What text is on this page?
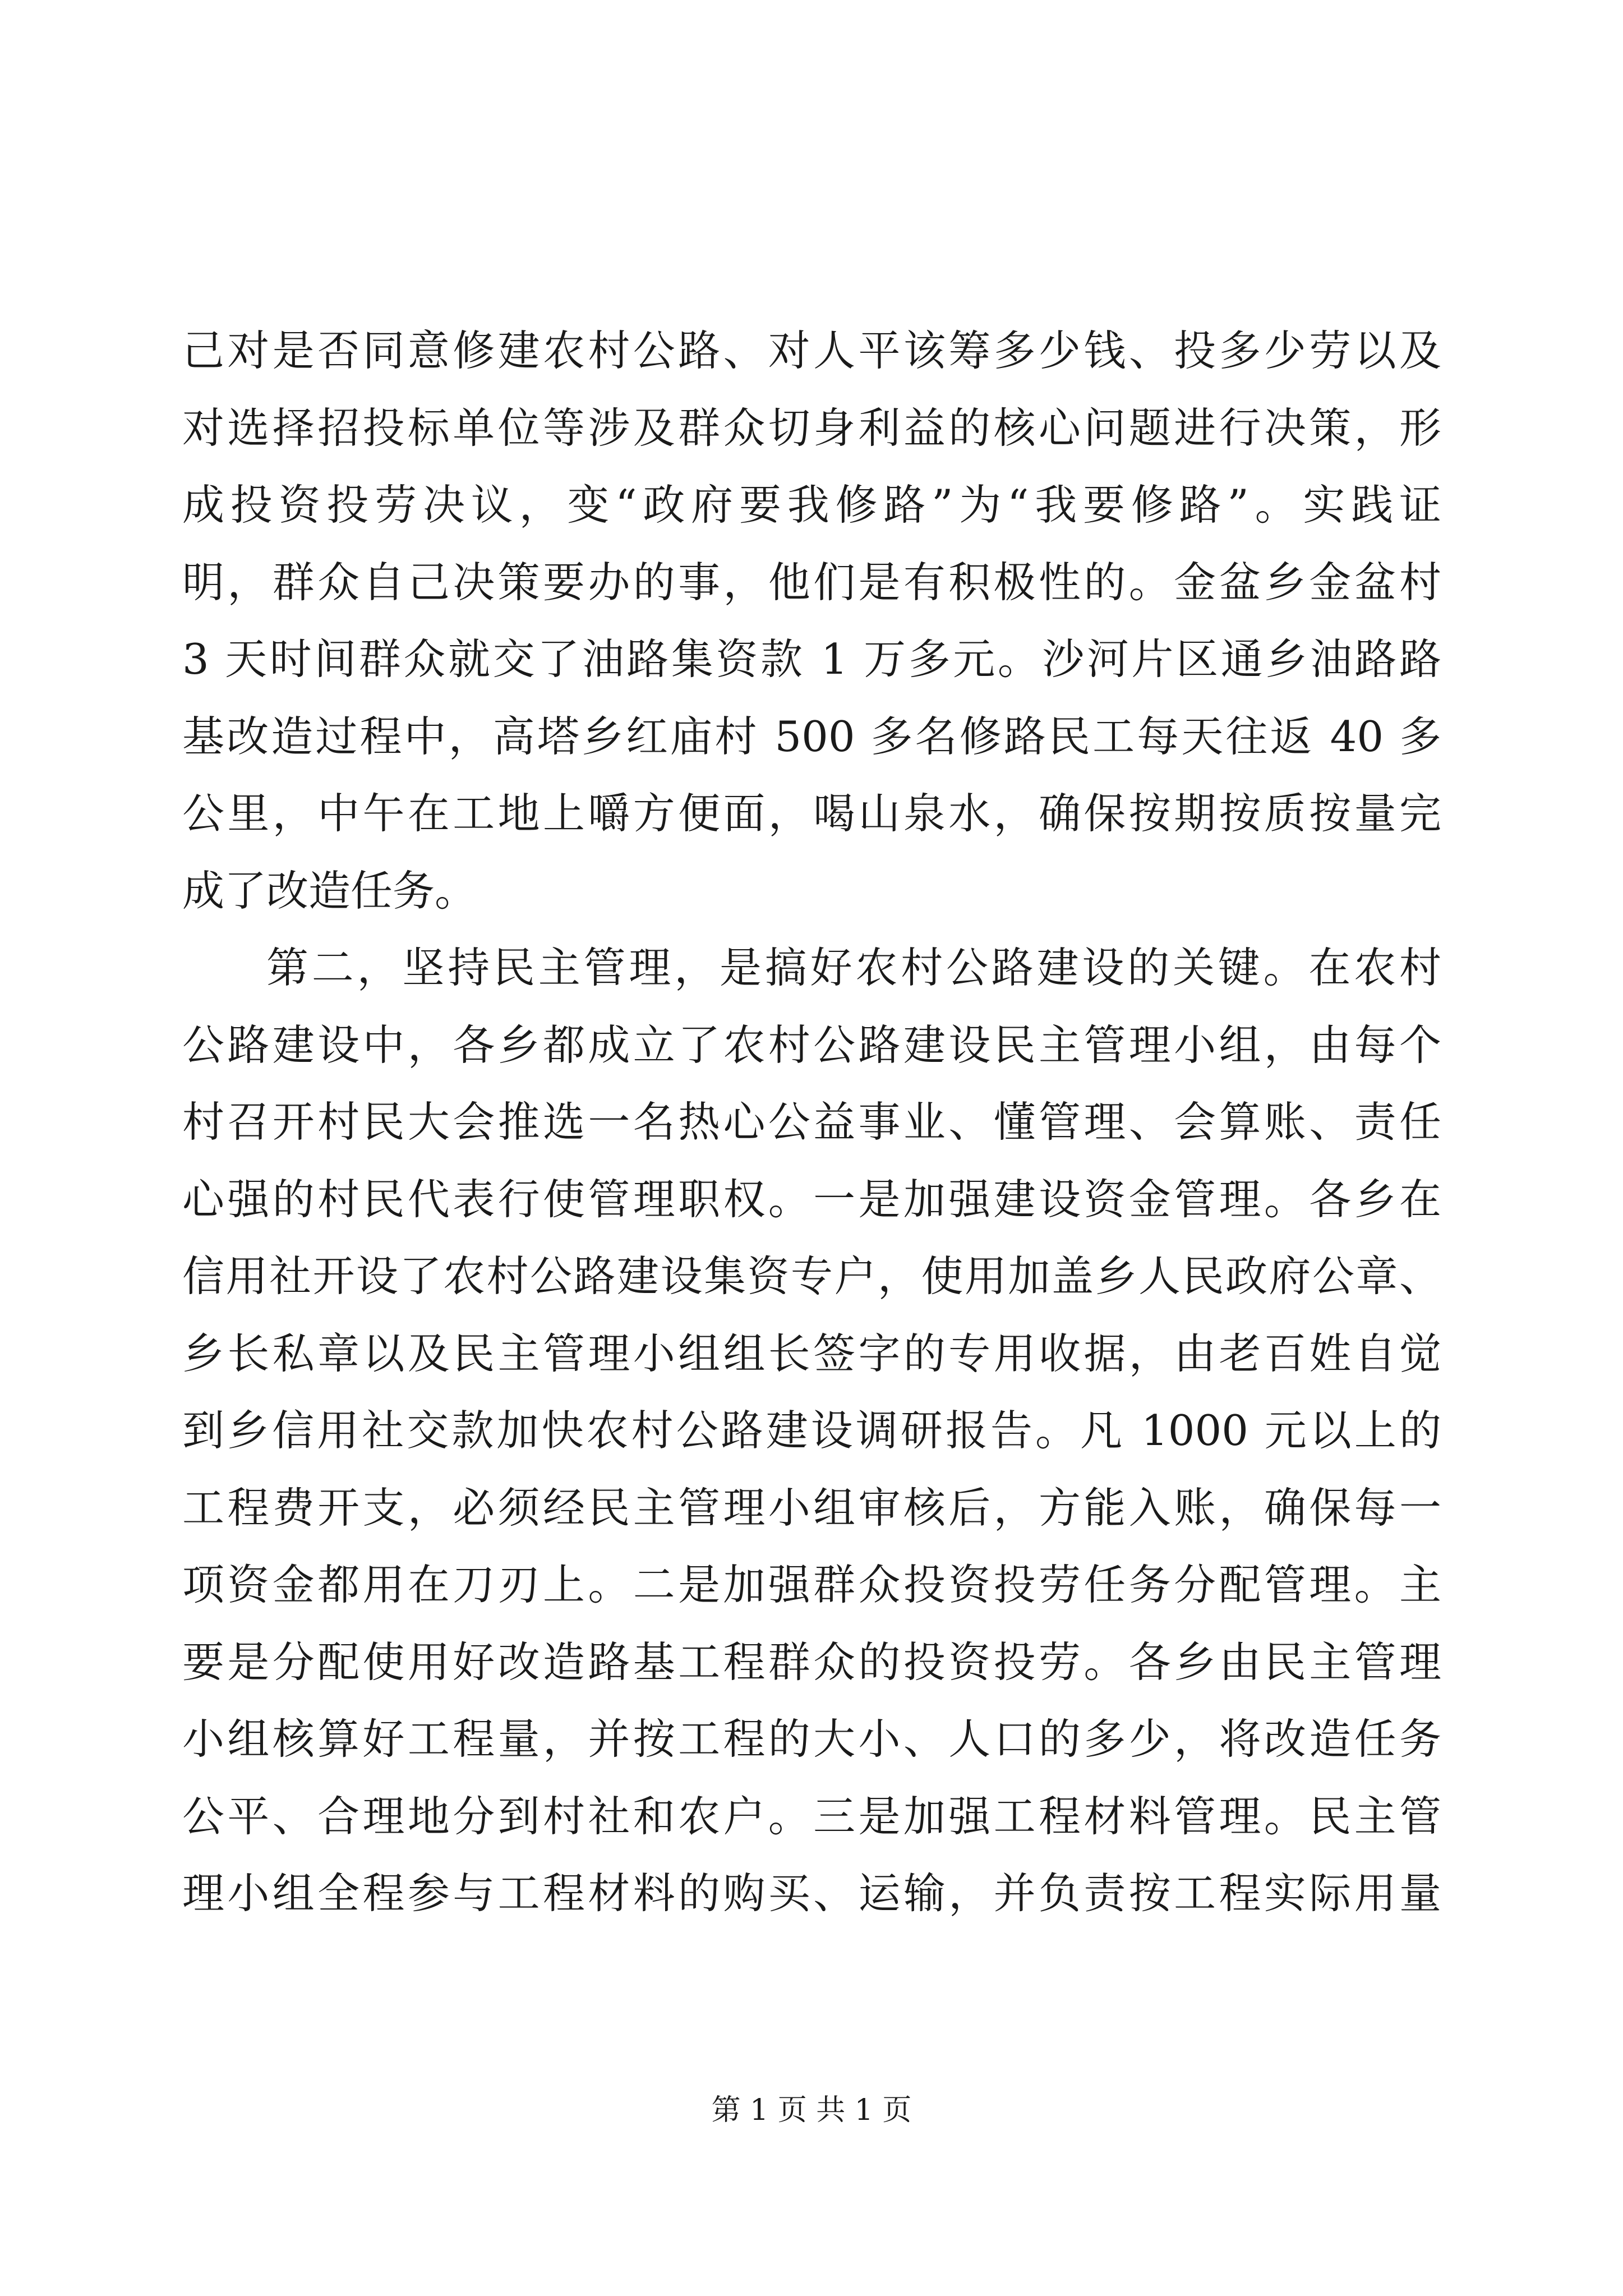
己对是否同意修建农村公路、对人平该筹多少钱、投多少劳以及
对选择招投标单位等涉及群众切身利益的核心问题进行决策，形
成投资投劳决议，变“政府要我修路”为“我要修路”。实践证
明，群众自己决策要办的事，他们是有积极性的。金盆乡金盆村
3 天时间群众就交了油路集资款 1 万多元。沙河片区通乡油路路
基改造过程中，高塔乡红庙村 500 多名修路民工每天往返 40 多
公里，中午在工地上嚼方便面，喝山泉水，确保按期按质按量完
成了改造任务。
第二，坚持民主管理，是搞好农村公路建设的关键。在农村
公路建设中，各乡都成立了农村公路建设民主管理小组，由每个
村召开村民大会推选一名热心公益事业、懂管理、会算账、责任
心强的村民代表行使管理职权。一是加强建设资金管理。各乡在
信用社开设了农村公路建设集资专户，使用加盖乡人民政府公章、
乡长私章以及民主管理小组组长签字的专用收据，由老百姓自觉
到乡信用社交款加快农村公路建设调研报告。凡 1000 元以上的
工程费开支，必须经民主管理小组审核后，方能入账，确保每一
项资金都用在刀刃上。二是加强群众投资投劳任务分配管理。主
要是分配使用好改造路基工程群众的投资投劳。各乡由民主管理
小组核算好工程量，并按工程的大小、人口的多少，将改造任务
公平、合理地分到村社和农户。三是加强工程材料管理。民主管
理小组全程参与工程材料的购买、运输，并负责按工程实际用量
第 1 页 共 1 页
